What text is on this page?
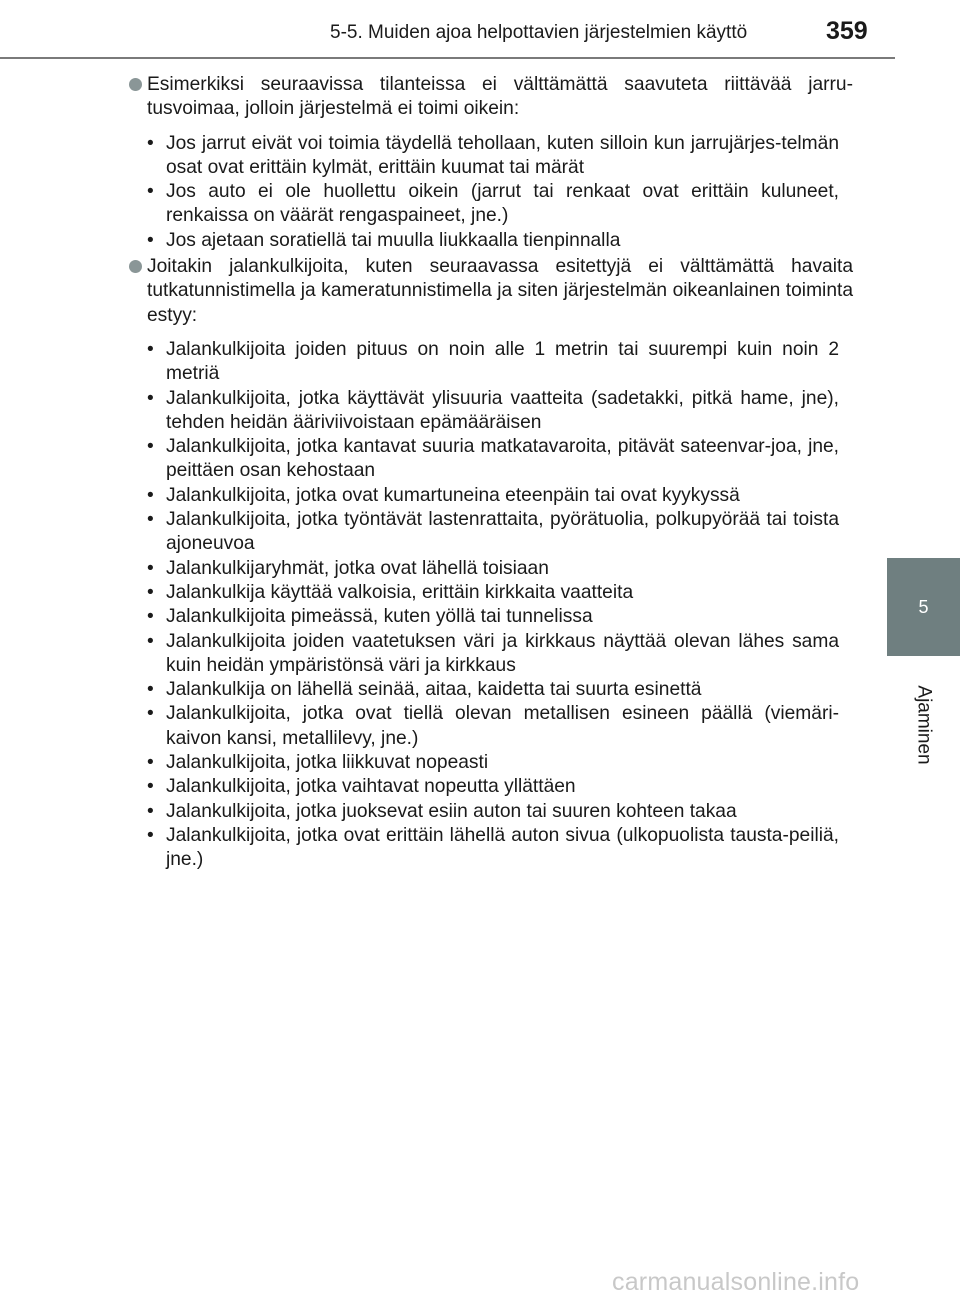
5-5. Muiden ajoa helpottavien järjestelmien käyttö	359
5
Ajaminen

Esimerkiksi seuraavissa tilanteissa ei välttämättä saavuteta riittävää jarru-tusvoimaa, jolloin järjestelmä ei toimi oikein:

• Jos jarrut eivät voi toimia täydellä tehollaan, kuten silloin kun jarrujärjes-telmän osat ovat erittäin kylmät, erittäin kuumat tai märät
• Jos auto ei ole huollettu oikein (jarrut tai renkaat ovat erittäin kuluneet, renkaissa on väärät rengaspaineet, jne.)
• Jos ajetaan soratiellä tai muulla liukkaalla tienpinnalla

Joitakin jalankulkijoita, kuten seuraavassa esitettyjä ei välttämättä havaita tutkatunnistimella ja kameratunnistimella ja siten järjestelmän oikeanlainen toiminta estyy:

• Jalankulkijoita joiden pituus on noin alle 1 metrin tai suurempi kuin noin 2 metriä
• Jalankulkijoita, jotka käyttävät ylisuuria vaatteita (sadetakki, pitkä hame, jne), tehden heidän ääriviivoistaan epämääräisen
• Jalankulkijoita, jotka kantavat suuria matkatavaroita, pitävät sateenvar-joa, jne, peittäen osan kehostaan
• Jalankulkijoita, jotka ovat kumartuneina eteenpäin tai ovat kyykyssä
• Jalankulkijoita, jotka työntävät lastenrattaita, pyörätuolia, polkupyörää tai toista ajoneuvoa
• Jalankulkijaryhmät, jotka ovat lähellä toisiaan
• Jalankulkija käyttää valkoisia, erittäin kirkkaita vaatteita
• Jalankulkijoita pimeässä, kuten yöllä tai tunnelissa
• Jalankulkijoita joiden vaatetuksen väri ja kirkkaus näyttää olevan lähes sama kuin heidän ympäristönsä väri ja kirkkaus
• Jalankulkija on lähellä seinää, aitaa, kaidetta tai suurta esinettä
• Jalankulkijoita, jotka ovat tiellä olevan metallisen esineen päällä (viemäri-kaivon kansi, metallilevy, jne.)
• Jalankulkijoita, jotka liikkuvat nopeasti
• Jalankulkijoita, jotka vaihtavat nopeutta yllättäen
• Jalankulkijoita, jotka juoksevat esiin auton tai suuren kohteen takaa
• Jalankulkijoita, jotka ovat erittäin lähellä auton sivua (ulkopuolista tausta-peiliä, jne.)
carmanualsonline.info
